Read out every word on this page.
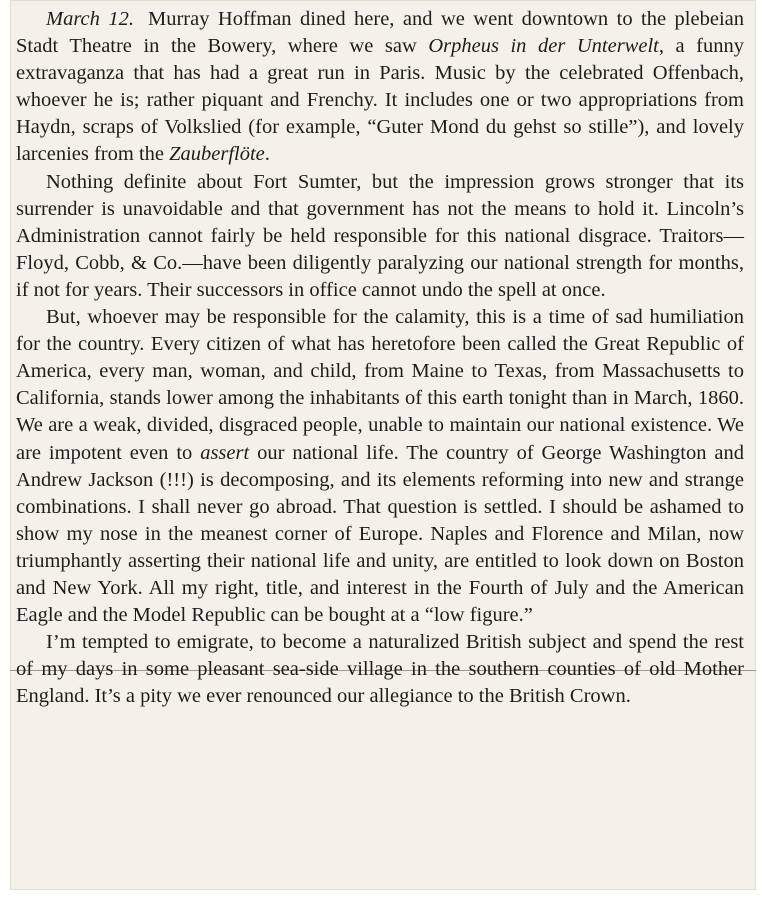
March 12. Murray Hoffman dined here, and we went downtown to the plebeian Stadt Theatre in the Bowery, where we saw Orpheus in der Unterwelt, a funny extravaganza that has had a great run in Paris. Music by the celebrated Offenbach, whoever he is; rather piquant and Frenchy. It includes one or two appropriations from Haydn, scraps of Volkslied (for example, “Guter Mond du gehst so stille”), and lovely larcenies from the Zauberflöte.

Nothing definite about Fort Sumter, but the impression grows stronger that its surrender is unavoidable and that government has not the means to hold it. Lincoln’s Administration cannot fairly be held responsible for this national disgrace. Traitors—Floyd, Cobb, & Co.—have been diligently paralyzing our national strength for months, if not for years. Their successors in office cannot undo the spell at once.

But, whoever may be responsible for the calamity, this is a time of sad humiliation for the country. Every citizen of what has heretofore been called the Great Republic of America, every man, woman, and child, from Maine to Texas, from Massachusetts to California, stands lower among the inhabitants of this earth tonight than in March, 1860. We are a weak, divided, disgraced people, unable to maintain our national existence. We are impotent even to assert our national life. The country of George Washington and Andrew Jackson (!!!) is decomposing, and its elements reforming into new and strange combinations. I shall never go abroad. That question is settled. I should be ashamed to show my nose in the meanest corner of Europe. Naples and Florence and Milan, now triumphantly asserting their national life and unity, are entitled to look down on Boston and New York. All my right, title, and interest in the Fourth of July and the American Eagle and the Model Republic can be bought at a “low figure.”

I’m tempted to emigrate, to become a naturalized British subject and spend the rest of my days in some pleasant sea-side village in the southern counties of old Mother England. It’s a pity we ever renounced our allegiance to the British Crown.
